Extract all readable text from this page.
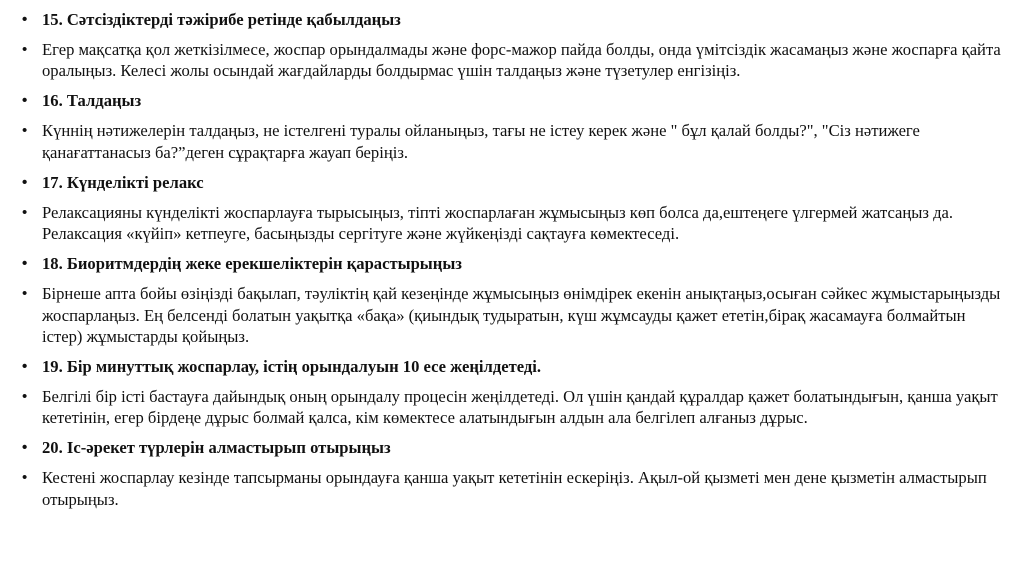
• 15. Сәтсіздіктерді тәжірибе ретінде қабылдаңыз
• Егер мақсатқа қол жеткізілмесе, жоспар орындалмады және форс-мажор пайда болды, онда үмітсіздік жасамаңыз және жоспарға қайта оралыңыз. Келесі жолы осындай жағдайларды болдырмас үшін талдаңыз және түзетулер енгізіңіз.
• 16. Талдаңыз
• Күннің нәтижелерін талдаңыз, не істелгені туралы ойланыңыз, тағы не істеу керек және " бұл қалай болды?", "Сіз нәтижеге қанағаттанасыз ба?”деген сұрақтарға жауап беріңіз.
• 17. Күнделікті релакс
• Релаксацияны күнделікті жоспарлауға тырысыңыз, тіпті жоспарлаған жұмысыңыз көп болса да,ештеңеге үлгермей жатсаңыз да. Релаксация «күйіп» кетпеуге, басыңызды сергітуге және жүйкеңізді сақтауға көмектеседі.
• 18. Биоритмдердің жеке ерекшеліктерін қарастырыңыз
• Бірнеше апта бойы өзіңізді бақылап, тәуліктің қай кезеңінде жұмысыңыз өнімдірек екенін анықтаңыз,осыған сәйкес жұмыстарыңызды жоспарлаңыз. Ең белсенді болатын уақытқа «бақа» (қиындық тудыратын, күш жұмсауды қажет ететін,бірақ жасамауға болмайтын істер) жұмыстарды қойыңыз.
• 19. Бір минуттық жоспарлау, істің орындалуын 10 есе жеңілдетеді.
• Белгілі бір істі бастауға дайындық оның орындалу процесін жеңілдетеді. Ол үшін қандай құралдар қажет болатындығын, қанша уақыт кететінін, егер бірдеңе дұрыс болмай қалса, кім көмектесе алатындығын алдын ала белгілеп алғаныз дұрыс.
• 20. Іс-әрекет түрлерін алмастырып отырыңыз
• Кестені жоспарлау кезінде тапсырманы орындауға қанша уақыт кететінін ескеріңіз. Ақыл-ой қызметі мен дене қызметін алмастырып отырыңыз.
